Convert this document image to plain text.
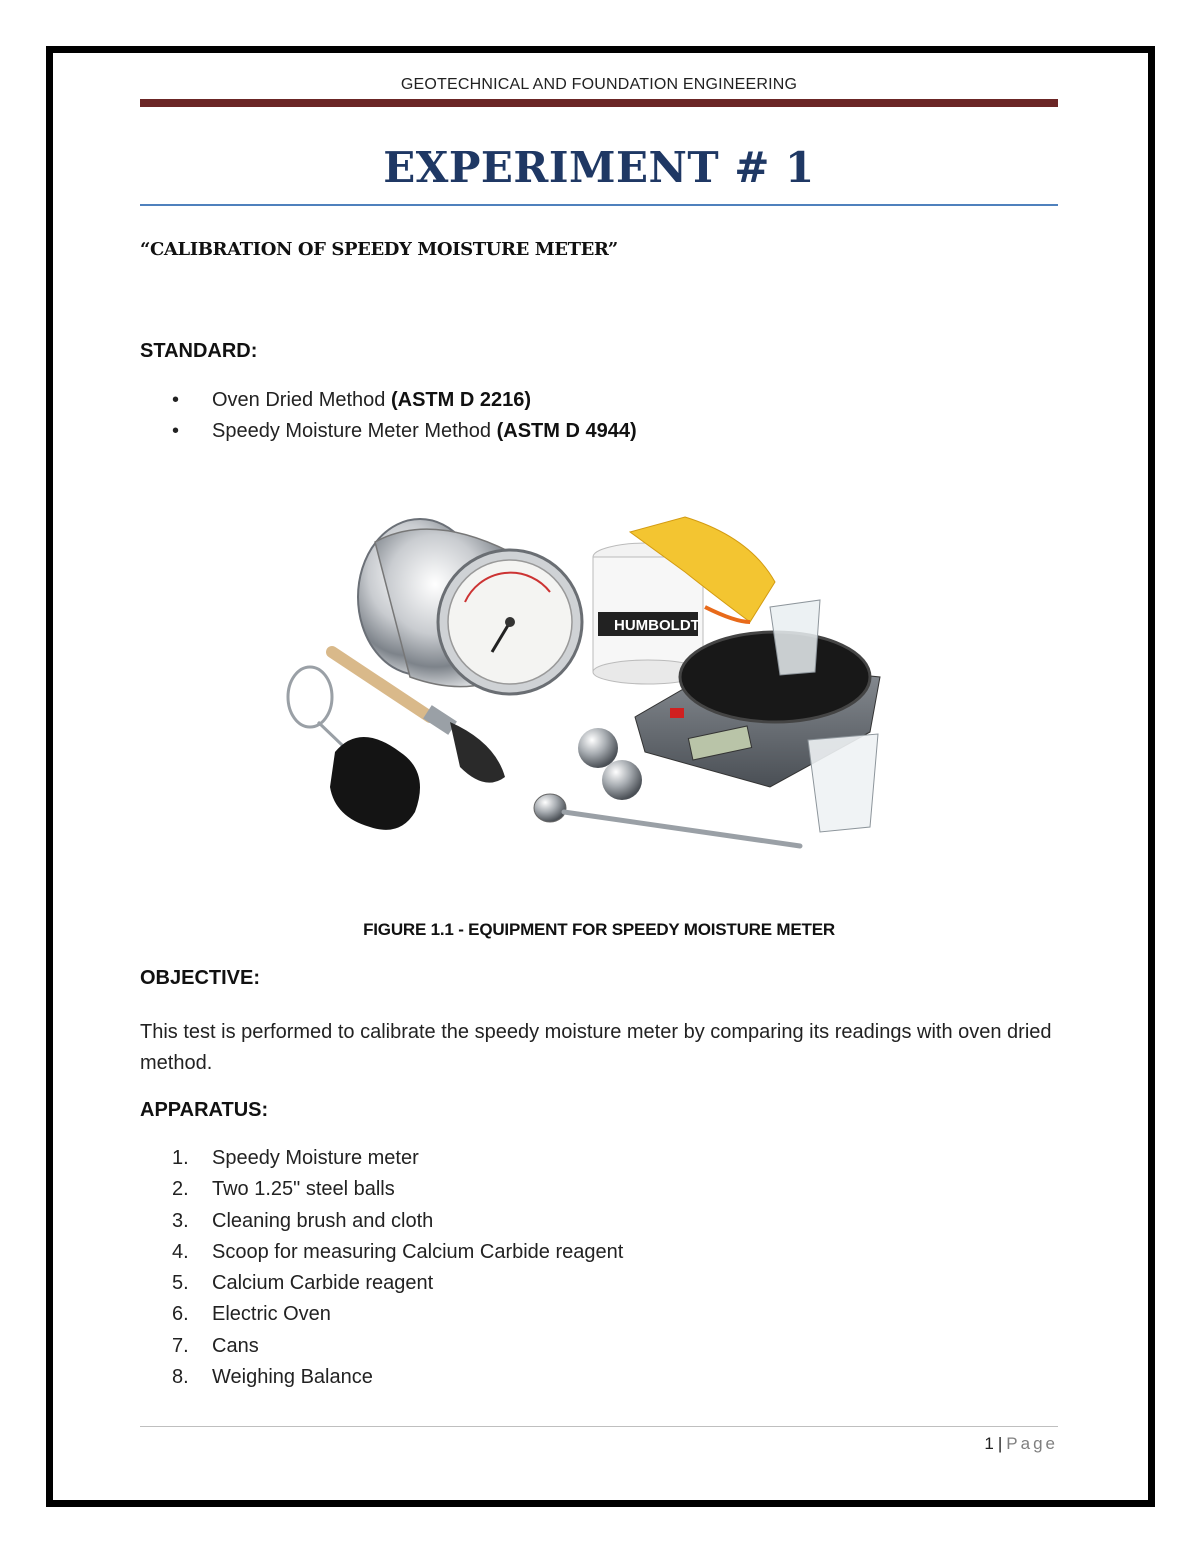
GEOTECHNICAL AND FOUNDATION ENGINEERING
EXPERIMENT # 1
“CALIBRATION OF SPEEDY MOISTURE METER”
STANDARD:
•	Oven Dried Method (ASTM D 2216)
•	Speedy Moisture Meter Method (ASTM D 4944)
HUMBOLDT
FIGURE 1.1 - EQUIPMENT FOR SPEEDY MOISTURE METER
OBJECTIVE:
This test is performed to calibrate the speedy moisture meter by comparing its readings with oven dried method.
APPARATUS:
1.	Speedy Moisture meter
2.	Two 1.25" steel balls
3.	Cleaning brush and cloth
4.	Scoop for measuring Calcium Carbide reagent
5.	Calcium Carbide reagent
6.	Electric Oven
7.	Cans
8.	Weighing Balance
1 | Page
